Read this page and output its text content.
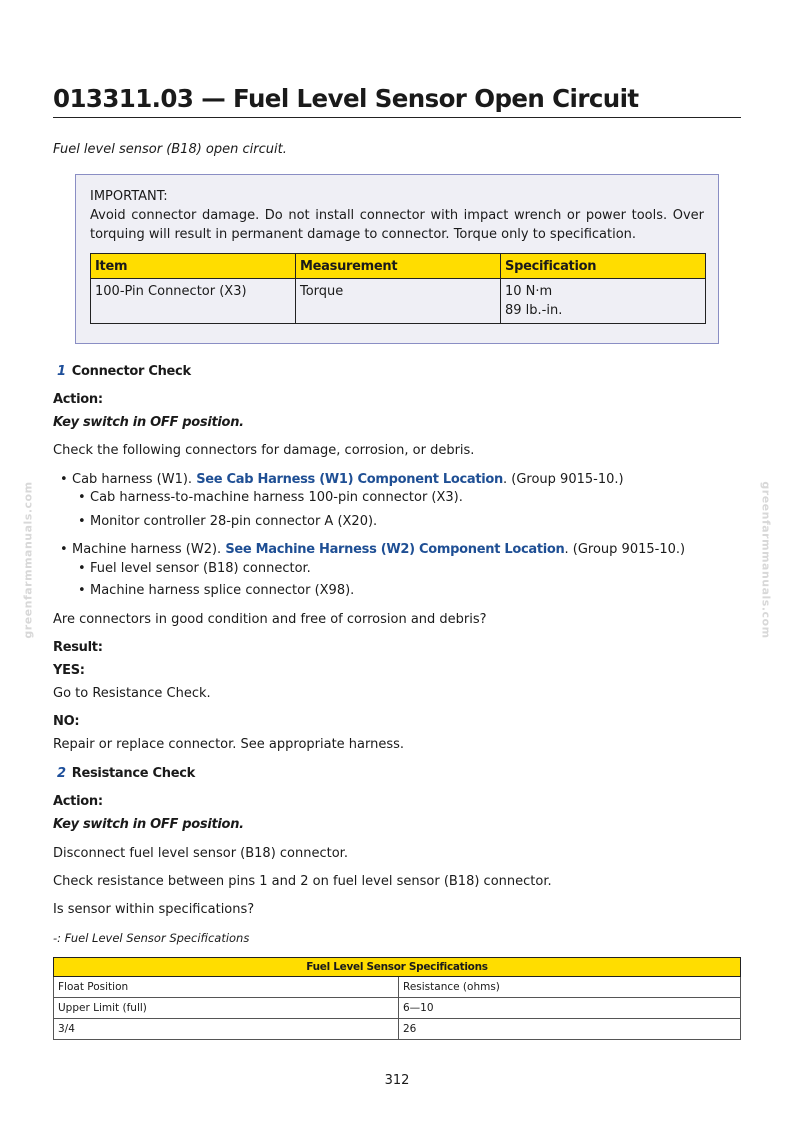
greenfarmmanuals.com	greenfarmmanuals.com
013311.03 — Fuel Level Sensor Open Circuit
Fuel level sensor (B18) open circuit.
IMPORTANT:
Avoid connector damage. Do not install connector with impact wrench or power tools. Over torquing will result in permanent damage to connector. Torque only to specification.
Item	Measurement	Specification
100-Pin Connector (X3)	Torque	10 N·m
89 lb.-in.
1 Connector Check
Action:
Key switch in OFF position.
Check the following connectors for damage, corrosion, or debris.
• Cab harness (W1). See Cab Harness (W1) Component Location. (Group 9015-10.)
• Cab harness-to-machine harness 100-pin connector (X3).
• Monitor controller 28-pin connector A (X20).
• Machine harness (W2). See Machine Harness (W2) Component Location. (Group 9015-10.)
• Fuel level sensor (B18) connector.
• Machine harness splice connector (X98).
Are connectors in good condition and free of corrosion and debris?
Result:
YES:
Go to Resistance Check.
NO:
Repair or replace connector. See appropriate harness.
2 Resistance Check
Action:
Key switch in OFF position.
Disconnect fuel level sensor (B18) connector.
Check resistance between pins 1 and 2 on fuel level sensor (B18) connector.
Is sensor within specifications?
-: Fuel Level Sensor Specifications
Fuel Level Sensor Specifications	
Float Position	Resistance (ohms)
Upper Limit (full)	6—10
3/4	26
312
